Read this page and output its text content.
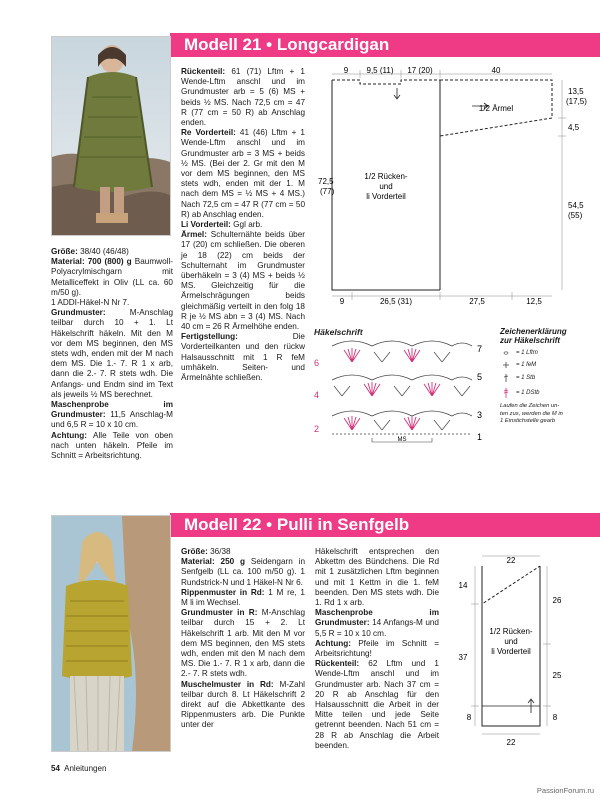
Modell 21 • Longcardigan

Größe: 38/40 (46/48)

Material: 700 (800) g Baumwoll-Polyacrylmischgarn mit Metalliceffekt in Oliv (LL ca. 60 m/50 g).

1 ADDI-Häkel-N Nr 7.

Grundmuster: M-Anschlag teilbar durch 10 + 1. Lt Häkelschrift häkeln. Mit den M vor dem MS beginnen, den MS stets wdh, enden mit der M nach dem MS. Die 1.- 7. R 1 x arb, dann die 2.- 7. R stets wdh. Die Anfangs- und Endm sind im Text als jeweils ½ MS berechnet.

Maschenprobe im Grundmuster: 11,5 Anschlag-M und 6,5 R = 10 x 10 cm.

Achtung: Alle Teile von oben nach unten häkeln. Pfeile im Schnitt = Arbeitsrichtung.

Rückenteil: 61 (71) Lftm + 1 Wende-Lftm anschl und im Grundmuster arb = 5 (6) MS + beids ½ MS. Nach 72,5 cm = 47 R (77 cm = 50 R) ab Anschlag enden.

Re Vorderteil: 41 (46) Lftm + 1 Wende-Lftm anschl und im Grundmuster arb = 3 MS + beids ½ MS. (Bei der 2. Gr mit den M vor dem MS beginnen, den MS stets wdh, enden mit der 1. M nach dem MS = ½ MS + 4 MS.) Nach 72,5 cm = 47 R (77 cm = 50 R) ab Anschlag enden.

Li Vorderteil: Ggl arb.

Ärmel: Schulternähte beids über 17 (20) cm schließen. Die oberen je 18 (22) cm beids der Schulternaht im Grundmuster überhäkeln = 3 (4) MS + beids ½ MS. Gleichzeitig für die Ärmelschrägungen beids gleichmäßig verteilt in den folg 18 R je ½ MS abn = 3 (4) MS. Nach 40 cm = 26 R Ärmelhöhe enden.

Fertigstellung: Die Vorderteilkanten und den rückw Halsausschnitt mit 1 R feM umhäkeln. Seiten- und Ärmelnähte schließen.

9 9,5 (11) 17 (20)	40
72,5
(77)
1/2 Rücken-
und
li Vorderteil
1/2 Ärmel
13,5
(17,5)
4,5
54,5
(55)
9	26,5 (31)	27,5	12,5
Häkelschrift
MS
7
6
5
4
3
2
1
Zeichenerklärung
zur Häkelschrift
= 1 Lftm
= 1 feM
= 1 Stb
= 1 DStb
Laufen die Zeichen un-
ten zus, werden die M in
1 Einstichstelle gearb
Modell 22 • Pulli in Senfgelb

Größe: 36/38

Material: 250 g Seidengarn in Senfgelb (LL ca. 100 m/50 g). 1 Rundstrick-N und 1 Häkel-N Nr 6.

Rippenmuster in Rd: 1 M re, 1 M li im Wechsel.

Grundmuster in R: M-Anschlag teilbar durch 15 + 2. Lt Häkelschrift 1 arb. Mit den M vor dem MS beginnen, den MS stets wdh, enden mit den M nach dem MS. Die 1.- 7. R 1 x arb, dann die 2.- 7. R stets wdh.

Muschelmuster in Rd: M-Zahl teilbar durch 8. Lt Häkelschrift 2 direkt auf die Abkettkante des Rippenmusters arb. Die Punkte unter der

Häkelschrift entsprechen den Abkettm des Bündchens. Die Rd mit 1 zusätzlichen Lftm beginnen und mit 1 Kettm in die 1. feM beenden. Den MS stets wdh. Die 1. Rd 1 x arb.

Maschenprobe im Grundmuster: 14 Anfangs-M und 5,5 R = 10 x 10 cm.

Achtung: Pfeile im Schnitt = Arbeitsrichtung!

Rückenteil: 62 Lftm und 1 Wende-Lftm anschl und im Grundmuster arb. Nach 37 cm = 20 R ab Anschlag für den Halsausschnitt die Arbeit in der Mitte teilen und jede Seite getrennt beenden. Nach 51 cm = 28 R ab Anschlag die Arbeit beenden.

22
14
37
8
26
25
8
1/2 Rücken-
und
li Vorderteil
22
54 Anleitungen
PassionForum.ru
